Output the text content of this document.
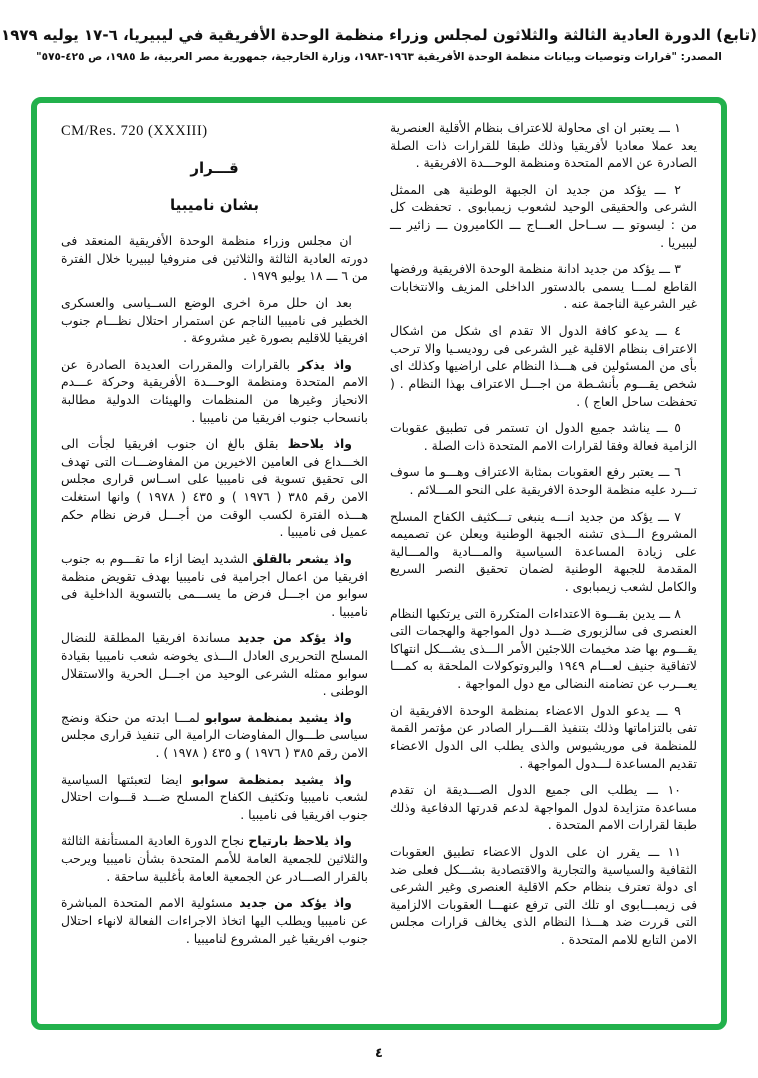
(تابع) الدورة العادية الثالثة والثلاثون لمجلس وزراء منظمة الوحدة الأفريقية في ليبيريا، ٦-١٧ يوليه ١٩٧٩
المصدر: "قرارات وتوصيات وبيانات منظمة الوحدة الأفريقية ١٩٦٣-١٩٨٣، وزارة الخارجية، جمهورية مصر العربية، ط ١٩٨٥، ص ٤٢٥-٥٧٥"

١ ـــ يعتبر ان اى محاولة للاعتراف بنظام الأقلية العنصرية يعد عملا معاديا لأفريقيا وذلك طبقا للقرارات ذات الصلة الصادرة عن الامم المتحدة ومنظمة الوحـــدة الافريقية .

٢ ـــ يؤكد من جديد ان الجبهة الوطنية هى الممثل الشرعى والحقيقى الوحيد لشعوب زيمبابوى . تحفظت كل من : ليسوتو ـــ ســاحل العـــاج ـــ الكاميرون ـــ زائير ـــ ليبيريا .

٣ ـــ يؤكد من جديد ادانة منظمة الوحدة الافريقية ورفضها القاطع لمـــا يسمى بالدستور الداخلى المزيف والانتخابات غير الشرعية الناجمة عنه .

٤ ـــ يدعو كافة الدول الا تقدم اى شكل من اشكال الاعتراف بنظام الاقلية غير الشرعى فى روديسـيا والا ترحب بأى من المسئولين فى هـــذا النظام على اراضيها وكذلك اى شخص يقـــوم بأنشـطة من اجـــل الاعتراف بهذا النظام . ( تحفظت ساحل العاج ) .

٥ ـــ يناشد جميع الدول ان تستمر فى تطبيق عقوبات الزامية فعالة وفقا لقرارات الامم المتحدة ذات الصلة .

٦ ـــ يعتبر رفع العقوبات بمثابة الاعتراف وهـــو ما سوف تـــرد عليه منظمة الوحدة الافريقية على النحو المـــلائم .

٧ ـــ يؤكد من جديد انـــه ينبغى تـــكثيف الكفاح المسلح المشروع الـــذى تشنه الجبهة الوطنية ويعلن عن تصميمه على زيادة المساعدة السياسية والمـــادية والمـــالية المقدمة للجبهة الوطنية لضمان تحقيق النصر السريع والكامل لشعب زيمبابوى .

٨ ـــ يدين بقـــوة الاعتداءات المتكررة التى يرتكبها النظام العنصرى فى سالزبورى ضـــد دول المواجهة والهجمات التى يقـــوم بها ضد مخيمات اللاجئين الأمر الـــذى يشـــكل انتهاكا لاتفاقية جنيف لعـــام ١٩٤٩ والبروتوكولات الملحقة به كمـــا يعـــرب عن تضامنه النضالى مع دول المواجهة .

٩ ـــ يدعو الدول الاعضاء بمنظمة الوحدة الافريقية ان تفى بالتزاماتها وذلك بتنفيذ القـــرار الصادر عن مؤتمر القمة للمنظمة فى موريشيوس والذى يطلب الى الدول الاعضاء تقديم المساعدة لـــدول المواجهة .

١٠ ـــ يطلب الى جميع الدول الصـــديقة ان تقدم مساعدة متزايدة لدول المواجهة لدعم قدرتها الدفاعية وذلك طبقا لقرارات الامم المتحدة .

١١ ـــ يقرر ان على الدول الاعضاء تطبيق العقوبات الثقافية والسياسية والتجارية والاقتصادية بشـــكل فعلى ضد اى دولة تعترف بنظام حكم الاقلية العنصرى وغير الشرعى فى زيمبـــابوى او تلك التى ترفع عنهـــا العقوبات الالزامية التى قررت ضد هـــذا النظام الذى يخالف قرارات مجلس الامن التابع للامم المتحدة .

CM/Res. 720 (XXXIII)

قـــرار

بشان ناميبيا

ان مجلس وزراء منظمة الوحدة الأفريقية المنعقد فى دورته العادية الثالثة والثلاثين فى منروفيا ليبيريا خلال الفترة من ٦ ـــ ١٨ يوليو ١٩٧٩ .

بعد ان حلل مرة اخرى الوضع الســياسى والعسكرى الخطير فى ناميبيا الناجم عن استمرار احتلال نظـــام جنوب افريقيا للاقليم بصورة غير مشروعة .

واذ يذكر بالقرارات والمقررات العديدة الصادرة عن الامم المتحدة ومنظمة الوحـــدة الأفريقية وحركة عـــدم الانحياز وغيرها من المنظمات والهيئات الدولية مطالبة بانسحاب جنوب افريقيا من ناميبيا .

واذ يلاحظ بقلق بالغ ان جنوب افريقيا لجأت الى الخـــداع فى العامين الاخيرين من المفاوضـــات التى تهدف الى تحقيق تسوية فى ناميبيا على اســاس قرارى مجلس الامن رقم ٣٨٥ ( ١٩٧٦ ) و ٤٣٥ ( ١٩٧٨ ) وانها استغلت هـــذه الفترة لكسب الوقت من أجـــل فرض نظام حكم عميل فى ناميبيا .

واذ يشعر بالقلق الشديد ايضا ازاء ما تقـــوم به جنوب افريقيا من اعمال اجرامية فى ناميبيا بهدف تقويض منظمة سوابو من اجـــل فرض ما يســـمى بالتسوية الداخلية فى ناميبيا .

واذ يؤكد من جديد مساندة افريقيا المطلقة للنضال المسلح التحريرى العادل الـــذى يخوضه شعب ناميبيا بقيادة سوابو ممثله الشرعى الوحيد من اجـــل الحرية والاستقلال الوطنى .

واذ يشيد بمنظمة سوابو لمـــا ابدته من حنكة ونضج سياسى طـــوال المفاوضات الرامية الى تنفيذ قرارى مجلس الامن رقم ٣٨٥ ( ١٩٧٦ ) و ٤٣٥ ( ١٩٧٨ ) .

واذ يشيد بمنظمة سوابو ايضا لتعبئتها السياسية لشعب ناميبيا وتكثيف الكفاح المسلح ضـــد قـــوات احتلال جنوب افريقيا فى ناميبيا .

واذ يلاحظ بارتياح نجاح الدورة العادية المستأنفة الثالثة والثلاثين للجمعية العامة للأمم المتحدة بشأن ناميبيا ويرحب بالقرار الصـــادر عن الجمعية العامة بأغلبية ساحقة .

واذ يؤكد من جديد مسئولية الامم المتحدة المباشرة عن ناميبيا ويطلب اليها اتخاذ الاجراءات الفعالة لانهاء احتلال جنوب افريقيا غير المشروع لناميبيا .

٤
